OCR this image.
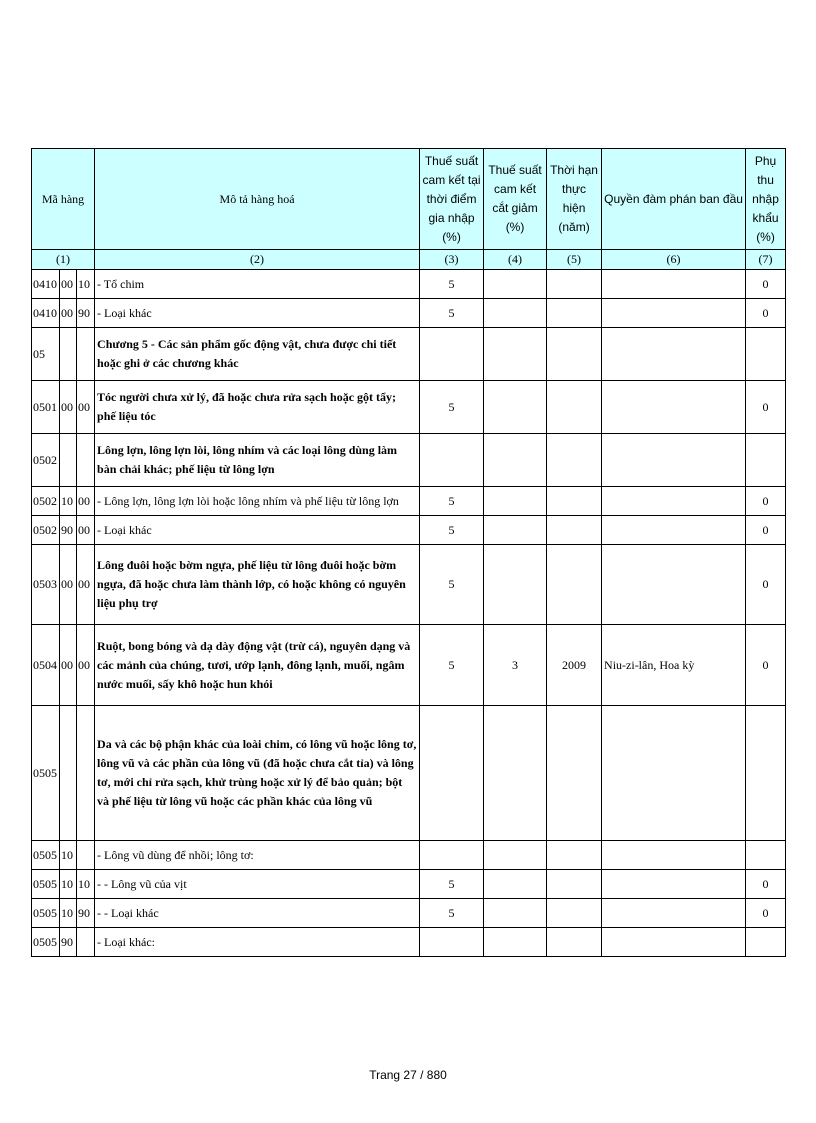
Mã hàng			Mô tả hàng hoá	Thuế suất cam kết tại thời điểm gia nhập (%)	Thuế suất cam kết cắt giảm (%)	Thời hạn thực hiện (năm)	Quyền đàm phán ban đầu	Phụ thu nhập khẩu (%)
(1)			(2)	(3)	(4)	(5)	(6)	(7)
0410	00	10	- Tổ chim	5				0
0410	00	90	- Loại khác	5				0
05			Chương 5 - Các sản phẩm gốc động vật, chưa được chi tiết hoặc ghi ở các chương khác					
0501	00	00	Tóc người chưa xử lý, đã hoặc chưa rửa sạch hoặc gột tẩy; phế liệu tóc	5				0
0502			Lông lợn, lông lợn lòi, lông nhím và các loại lông dùng làm bàn chải khác; phế liệu từ lông lợn					
0502	10	00	- Lông lợn, lông lợn lòi hoặc lông nhím và phế liệu từ lông lợn	5				0
0502	90	00	- Loại khác	5				0
0503	00	00	Lông đuôi hoặc bờm ngựa, phế liệu từ lông đuôi hoặc bờm ngựa, đã hoặc chưa làm thành lớp, có hoặc không có nguyên liệu phụ trợ	5				0
0504	00	00	Ruột, bong bóng và dạ dày động vật (trừ cá), nguyên dạng và các mảnh của chúng, tươi, ướp lạnh, đông lạnh, muối, ngâm nước muối, sấy khô hoặc hun khói	5	3	2009	Niu-zi-lân, Hoa kỳ	0
0505			Da và các bộ phận khác của loài chim, có lông vũ hoặc lông tơ, lông vũ và các phần của lông vũ (đã hoặc chưa cắt tỉa) và lông tơ, mới chỉ rửa sạch, khử trùng hoặc xử lý để bảo quản; bột và phế liệu từ lông vũ hoặc các phần khác của lông vũ					
0505	10		- Lông vũ dùng để nhồi; lông tơ:					
0505	10	10	- - Lông vũ của vịt	5				0
0505	10	90	- - Loại khác	5				0
0505	90		- Loại khác:					
Trang 27 / 880
